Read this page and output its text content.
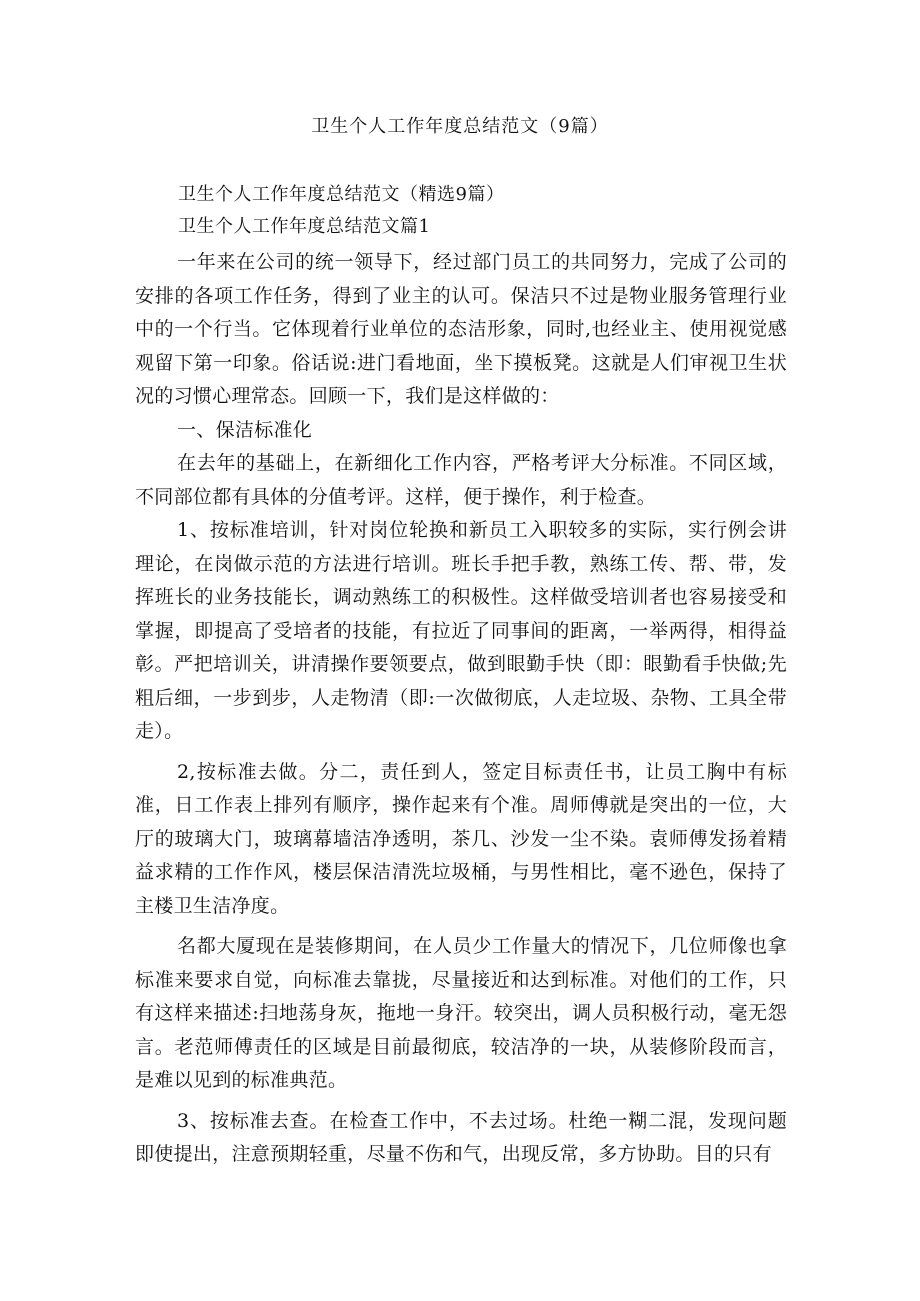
卫生个人工作年度总结范文（9篇）

卫生个人工作年度总结范文（精选9篇）

卫生个人工作年度总结范文篇1

一年来在公司的统一领导下，经过部门员工的共同努力，完成了公司的安排的各项工作任务，得到了业主的认可。保洁只不过是物业服务管理行业中的一个行当。它体现着行业单位的态洁形象，同时,也经业主、使用视觉感观留下第一印象。俗话说:进门看地面，坐下摸板凳。这就是人们审视卫生状况的习惯心理常态。回顾一下，我们是这样做的：

一、保洁标准化

在去年的基础上，在新细化工作内容，严格考评大分标准。不同区域，不同部位都有具体的分值考评。这样，便于操作，利于检查。

1、按标准培训，针对岗位轮换和新员工入职较多的实际，实行例会讲理论，在岗做示范的方法进行培训。班长手把手教，熟练工传、帮、带，发挥班长的业务技能长，调动熟练工的积极性。这样做受培训者也容易接受和掌握，即提高了受培者的技能，有拉近了同事间的距离，一举两得，相得益彰。严把培训关，讲清操作要领要点，做到眼勤手快（即：眼勤看手快做;先粗后细，一步到步，人走物清（即:一次做彻底，人走垃圾、杂物、工具全带走）。

2,按标准去做。分二，责任到人，签定目标责任书，让员工胸中有标准，日工作表上排列有顺序，操作起来有个准。周师傅就是突出的一位，大厅的玻璃大门，玻璃幕墙洁净透明，茶几、沙发一尘不染。袁师傅发扬着精益求精的工作作风，楼层保洁清洗垃圾桶，与男性相比，毫不逊色，保持了主楼卫生洁净度。

名都大厦现在是装修期间，在人员少工作量大的情况下，几位师像也拿标准来要求自觉，向标准去靠拢，尽量接近和达到标准。对他们的工作，只有这样来描述:扫地荡身灰，拖地一身汗。较突出，调人员积极行动，毫无怨言。老范师傅责任的区域是目前最彻底，较洁净的一块，从装修阶段而言，是难以见到的标准典范。

3、按标准去查。在检查工作中，不去过场。杜绝一糊二混，发现问题即使提出，注意预期轻重，尽量不伤和气，出现反常，多方协助。目的只有
